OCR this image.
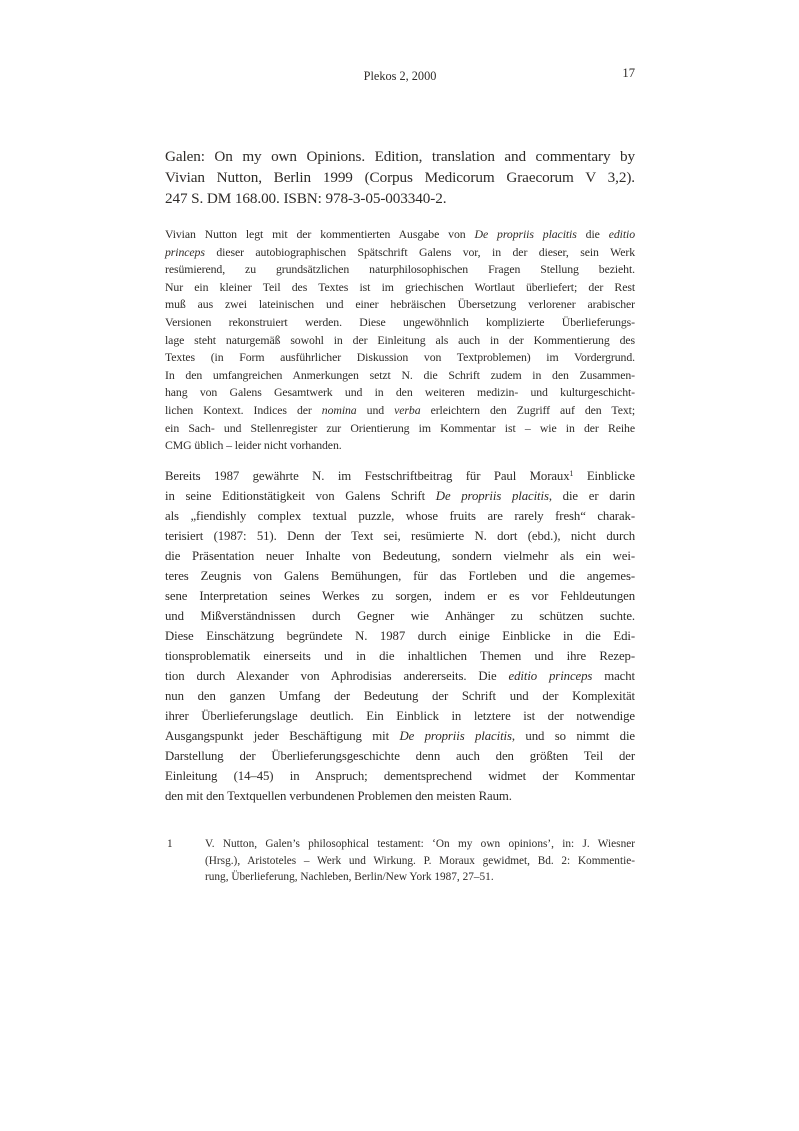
Plekos 2, 2000	17
Galen: On my own Opinions. Edition, translation and commentary by
Vivian Nutton, Berlin 1999 (Corpus Medicorum Graecorum V 3,2).
247 S. DM 168.00. ISBN: 978-3-05-003340-2.
Vivian Nutton legt mit der kommentierten Ausgabe von De propriis placitis die editio
princeps dieser autobiographischen Spätschrift Galens vor, in der dieser, sein Werk
resümierend, zu grundsätzlichen naturphilosophischen Fragen Stellung bezieht.
Nur ein kleiner Teil des Textes ist im griechischen Wortlaut überliefert; der Rest
muß aus zwei lateinischen und einer hebräischen Übersetzung verlorener arabischer
Versionen rekonstruiert werden. Diese ungewöhnlich komplizierte Überlieferungs-
lage steht naturgemäß sowohl in der Einleitung als auch in der Kommentierung des
Textes (in Form ausführlicher Diskussion von Textproblemen) im Vordergrund.
In den umfangreichen Anmerkungen setzt N. die Schrift zudem in den Zusammen-
hang von Galens Gesamtwerk und in den weiteren medizin- und kulturgeschicht-
lichen Kontext. Indices der nomina und verba erleichtern den Zugriff auf den Text;
ein Sach- und Stellenregister zur Orientierung im Kommentar ist – wie in der Reihe
CMG üblich – leider nicht vorhanden.
Bereits 1987 gewährte N. im Festschriftbeitrag für Paul Moraux$^1$ Einblicke
in seine Editionstätigkeit von Galens Schrift De propriis placitis, die er darin
als „fiendishly complex textual puzzle, whose fruits are rarely fresh“ charak-
terisiert (1987: 51). Denn der Text sei, resümierte N. dort (ebd.), nicht durch
die Präsentation neuer Inhalte von Bedeutung, sondern vielmehr als ein wei-
teres Zeugnis von Galens Bemühungen, für das Fortleben und die angemes-
sene Interpretation seines Werkes zu sorgen, indem er es vor Fehldeutungen
und Mißverständnissen durch Gegner wie Anhänger zu schützen suchte.
Diese Einschätzung begründete N. 1987 durch einige Einblicke in die Edi-
tionsproblematik einerseits und in die inhaltlichen Themen und ihre Rezep-
tion durch Alexander von Aphrodisias andererseits. Die editio princeps macht
nun den ganzen Umfang der Bedeutung der Schrift und der Komplexität
ihrer Überlieferungslage deutlich. Ein Einblick in letztere ist der notwendige
Ausgangspunkt jeder Beschäftigung mit De propriis placitis, und so nimmt die
Darstellung der Überlieferungsgeschichte denn auch den größten Teil der
Einleitung (14–45) in Anspruch; dementsprechend widmet der Kommentar
den mit den Textquellen verbundenen Problemen den meisten Raum.
1	V. Nutton, Galen’s philosophical testament: ‘On my own opinions’, in: J. Wiesner
(Hrsg.), Aristoteles – Werk und Wirkung. P. Moraux gewidmet, Bd. 2: Kommentie-
rung, Überlieferung, Nachleben, Berlin/New York 1987, 27–51.
